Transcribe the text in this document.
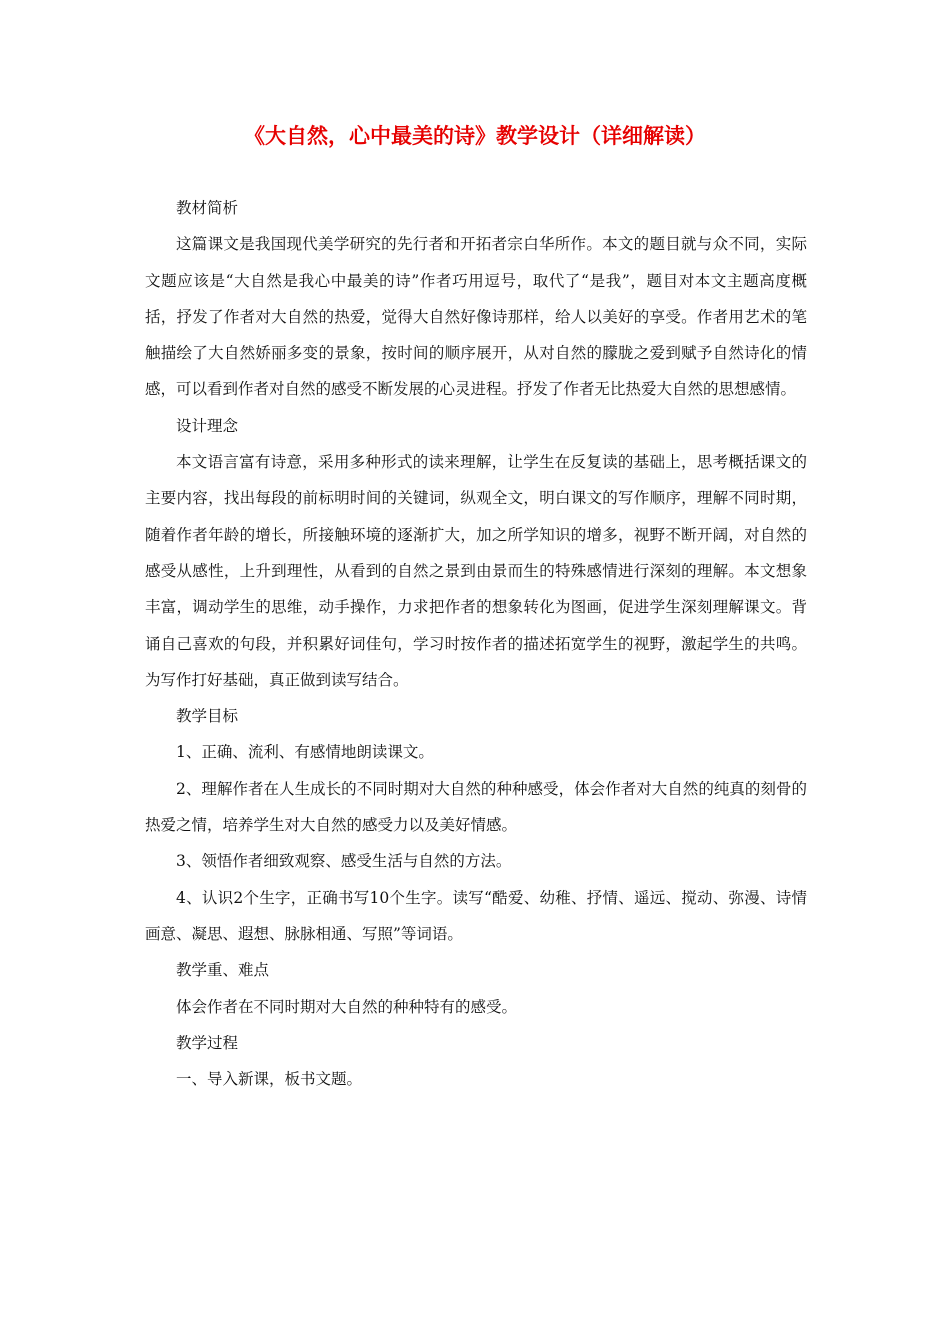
《大自然，心中最美的诗》教学设计（详细解读）

教材简析

这篇课文是我国现代美学研究的先行者和开拓者宗白华所作。本文的题目就与众不同，实际文题应该是“大自然是我心中最美的诗”作者巧用逗号，取代了“是我”，题目对本文主题高度概括，抒发了作者对大自然的热爱，觉得大自然好像诗那样，给人以美好的享受。作者用艺术的笔触描绘了大自然娇丽多变的景象，按时间的顺序展开，从对自然的朦胧之爱到赋予自然诗化的情感，可以看到作者对自然的感受不断发展的心灵进程。抒发了作者无比热爱大自然的思想感情。

设计理念

本文语言富有诗意，采用多种形式的读来理解，让学生在反复读的基础上，思考概括课文的主要内容，找出每段的前标明时间的关键词，纵观全文，明白课文的写作顺序，理解不同时期，随着作者年龄的增长，所接触环境的逐渐扩大，加之所学知识的增多，视野不断开阔，对自然的感受从感性，上升到理性，从看到的自然之景到由景而生的特殊感情进行深刻的理解。本文想象丰富，调动学生的思维，动手操作，力求把作者的想象转化为图画，促进学生深刻理解课文。背诵自己喜欢的句段，并积累好词佳句，学习时按作者的描述拓宽学生的视野，激起学生的共鸣。为写作打好基础，真正做到读写结合。

教学目标

1、正确、流利、有感情地朗读课文。

2、理解作者在人生成长的不同时期对大自然的种种感受，体会作者对大自然的纯真的刻骨的热爱之情，培养学生对大自然的感受力以及美好情感。

3、领悟作者细致观察、感受生活与自然的方法。

4、认识2个生字，正确书写10个生字。读写“酷爱、幼稚、抒情、遥远、搅动、弥漫、诗情画意、凝思、遐想、脉脉相通、写照”等词语。

教学重、难点

体会作者在不同时期对大自然的种种特有的感受。

教学过程

一、导入新课，板书文题。
